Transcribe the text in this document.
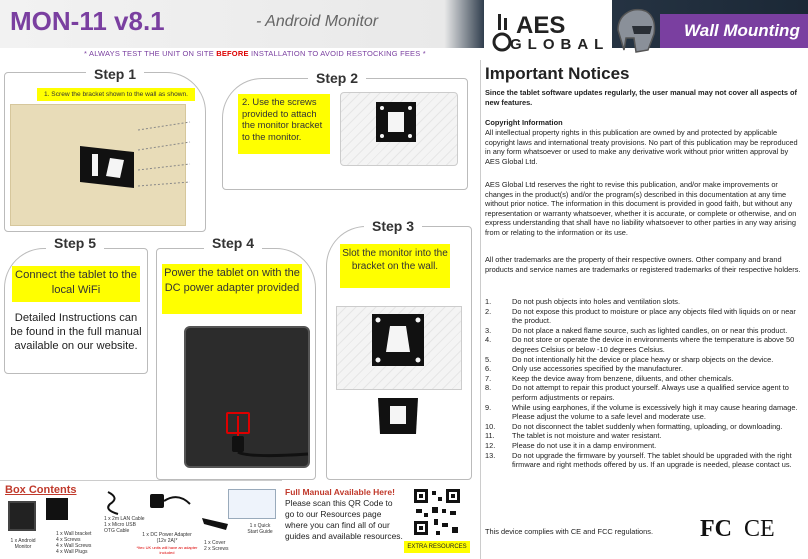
MON-11 v8.1	- Android Monitor
* ALWAYS TEST THE UNIT ON SITE BEFORE INSTALLATION TO AVOID RESTOCKING FEES *
AES
GLOBAL
Wall Mounting
Step 1
1. Screw the bracket shown to the wall as shown.
Step 2
2. Use the screws provided to attach the monitor bracket to the monitor.
Step 3
Slot the monitor into the bracket on the wall.
Step 4
Power the tablet on with the DC power adapter provided
Step 5
Connect the tablet to the local WiFi
Detailed Instructions can be found in the full manual available on our website.
Box Contents
1 x Android Monitor
1 x Wall bracket
4 x Screws
4 x Wall Screws
4 x Wall Plugs
1 x 2m LAN Cable
1 x Micro USB OTG Cable
1 x DC Power Adapter (12v 2A)*
*Itec UK units will have an adapter included
1 x Cover
2 x Screws
1 x Quick Start Guide
Full Manual Available Here!
Please scan this QR Code to go to our Resources page where you can find all of our guides and available resources.
EXTRA RESOURCES
Important Notices
Since the tablet software updates regularly, the user manual may not cover all aspects of new features.
Copyright Information
All intellectual property rights in this publication are owned by and protected by applicable copyright laws and international treaty provisions. No part of this publication may be reproduced in any form whatsoever or used to make any derivative work without prior written approval by AES Global Ltd.
AES Global Ltd reserves the right to revise this publication, and/or make improvements or changes in the product(s) and/or the program(s) described in this documentation at any time without prior notice. The information in this document is provided in good faith, but without any representation or warranty whatsoever, whether it is accurate, or complete or otherwise, and on express understanding that shall have no liability whatsoever to other parties in any way arising from or relating to the information or its use.
All other trademarks are the property of their respective owners. Other company and brand products and service names are trademarks or registered trademarks of their respective holders.
1.	Do not push objects into holes and ventilation slots.
2.	Do not expose this product to moisture or place any objects filed with liquids on or near the product.
3.	Do not place a naked flame source, such as lighted candles, on or near this product.
4.	Do not store or operate the device in environments where the temperature is above 50 degrees Celsius or below -10 degrees Celsius.
5.	Do not intentionally hit the device or place heavy or sharp objects on the device.
6.	Only use accessories specified by the manufacturer.
7.	Keep the device away from benzene, diluents, and other chemicals.
8.	Do not attempt to repair this product yourself. Always use a qualified service agent to perform adjustments or repairs.
9.	While using earphones, if the volume is excessively high it may cause hearing damage. Please adjust the volume to a safe level and moderate use.
10.	Do not disconnect the tablet suddenly when formatting, uploading, or downloading.
11.	The tablet is not moisture and water resistant.
12.	Please do not use it in a damp environment.
13.	Do not upgrade the firmware by yourself. The tablet should be upgraded with the right firmware and right methods offered by us. If an upgrade is needed, please contact us.
This device complies with CE and FCC regulations. FC CE
